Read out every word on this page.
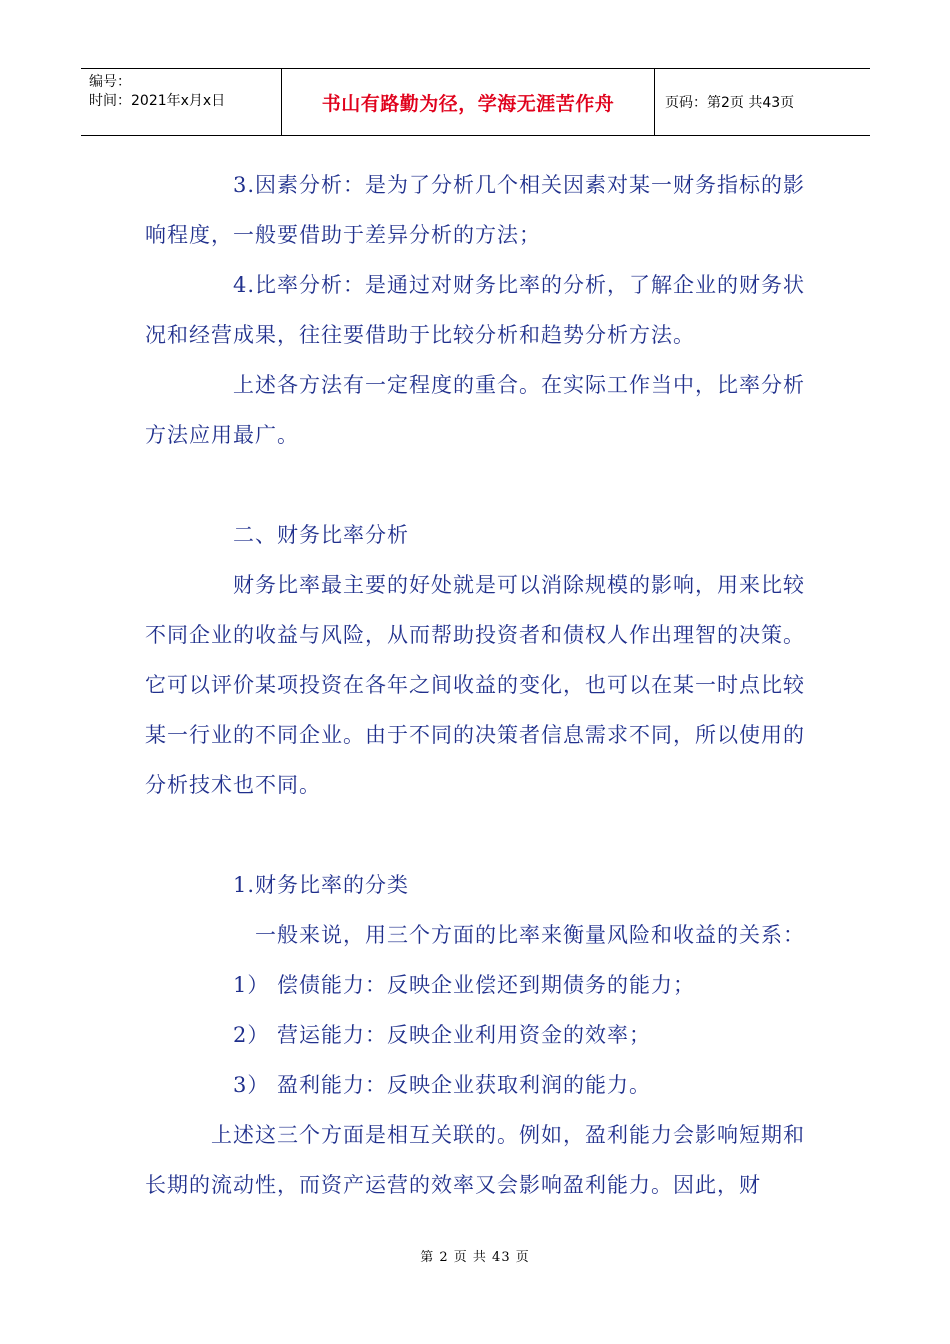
编号：
时间：2021年x月x日	书山有路勤为径，学海无涯苦作舟	页码：第2页 共43页

3.因素分析：是为了分析几个相关因素对某一财务指标的影响程度，一般要借助于差异分析的方法；

4.比率分析：是通过对财务比率的分析，了解企业的财务状况和经营成果，往往要借助于比较分析和趋势分析方法。

上述各方法有一定程度的重合。在实际工作当中，比率分析方法应用最广。

二、财务比率分析

财务比率最主要的好处就是可以消除规模的影响，用来比较不同企业的收益与风险，从而帮助投资者和债权人作出理智的决策。它可以评价某项投资在各年之间收益的变化，也可以在某一时点比较某一行业的不同企业。由于不同的决策者信息需求不同，所以使用的分析技术也不同。

1.财务比率的分类

一般来说，用三个方面的比率来衡量风险和收益的关系：

1） 偿债能力：反映企业偿还到期债务的能力；

2） 营运能力：反映企业利用资金的效率；

3） 盈利能力：反映企业获取利润的能力。

上述这三个方面是相互关联的。例如，盈利能力会影响短期和长期的流动性，而资产运营的效率又会影响盈利能力。因此，财

第 2 页 共 43 页
